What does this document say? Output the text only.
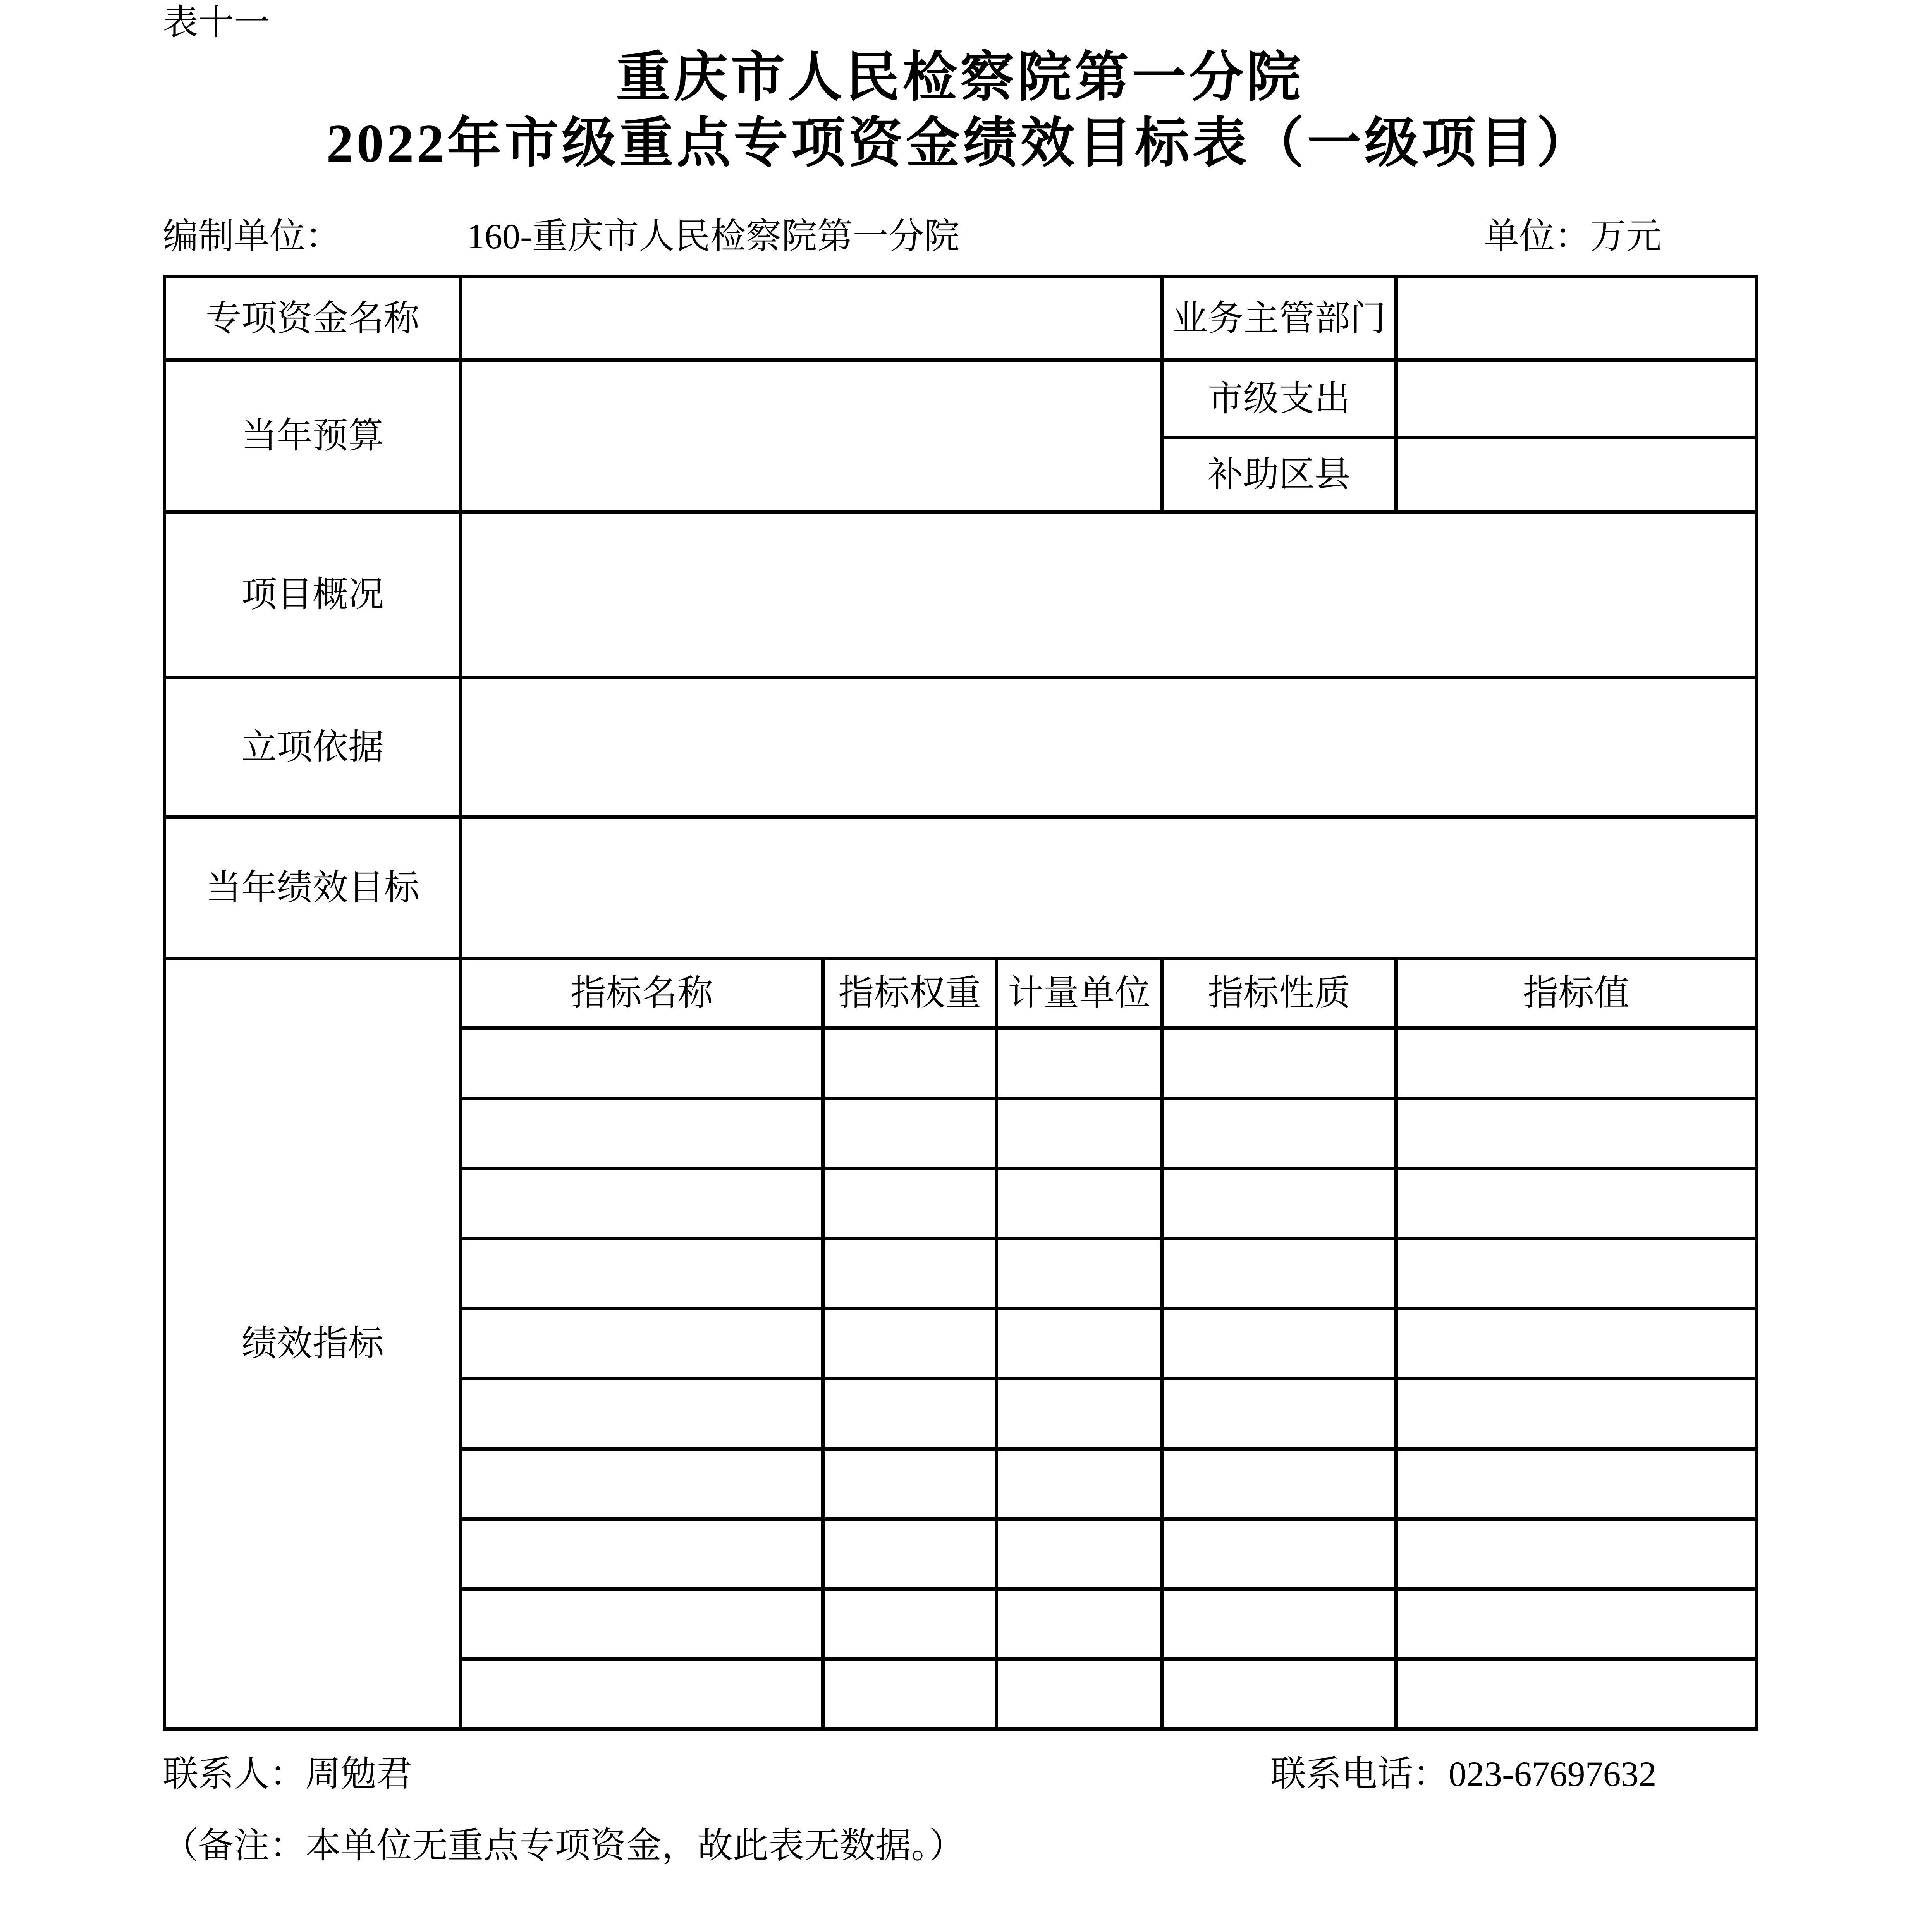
表十一
重庆市人民检察院第一分院
2022年市级重点专项资金绩效目标表（一级项目）
编制单位：	160-重庆市人民检察院第一分院	单位：万元
专项资金名称				业务主管部门	
当年预算				市级支出	
				补助区县	
项目概况					
立项依据					
当年绩效目标					
绩效指标	指标名称	指标权重	计量单位	指标性质	指标值

联系人：周勉君	联系电话：023-67697632
（备注：本单位无重点专项资金，故此表无数据。）
